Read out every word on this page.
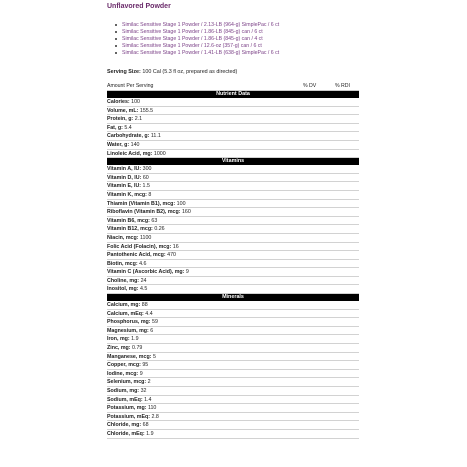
Unflavored Powder
Similac Sensitive Stage 1 Powder / 2.13-LB (964-g) SimplePac / 6 ct
Similac Sensitive Stage 1 Powder / 1.86-LB (845-g) can / 6 ct
Similac Sensitive Stage 1 Powder / 1.86-LB (845-g) can / 4 ct
Similac Sensitive Stage 1 Powder / 12.6-oz (357-g) can / 6 ct
Similac Sensitive Stage 1 Powder / 1.41-LB (638-g) SimplePac / 6 ct
Serving Size: 100 Cal (5.3 fl oz, prepared as directed)
Amount Per Serving	% DV	% RDI
Nutrient Data
Calories: 100
Volume, mL: 155.5
Protein, g: 2.1
Fat, g: 5.4
Carbohydrate, g: 11.1
Water, g: 140
Linoleic Acid, mg: 1000
Vitamins
Vitamin A, IU: 300
Vitamin D, IU: 60
Vitamin E, IU: 1.5
Vitamin K, mcg: 8
Thiamin (Vitamin B1), mcg: 100
Riboflavin (Vitamin B2), mcg: 160
Vitamin B6, mcg: 63
Vitamin B12, mcg: 0.26
Niacin, mcg: 1100
Folic Acid (Folacin), mcg: 16
Pantothenic Acid, mcg: 470
Biotin, mcg: 4.6
Vitamin C (Ascorbic Acid), mg: 9
Choline, mg: 24
Inositol, mg: 4.5
Minerals
Calcium, mg: 88
Calcium, mEq: 4.4
Phosphorus, mg: 59
Magnesium, mg: 6
Iron, mg: 1.9
Zinc, mg: 0.79
Manganese, mcg: 5
Copper, mcg: 95
Iodine, mcg: 9
Selenium, mcg: 2
Sodium, mg: 32
Sodium, mEq: 1.4
Potassium, mg: 110
Potassium, mEq: 2.8
Chloride, mg: 68
Chloride, mEq: 1.9
